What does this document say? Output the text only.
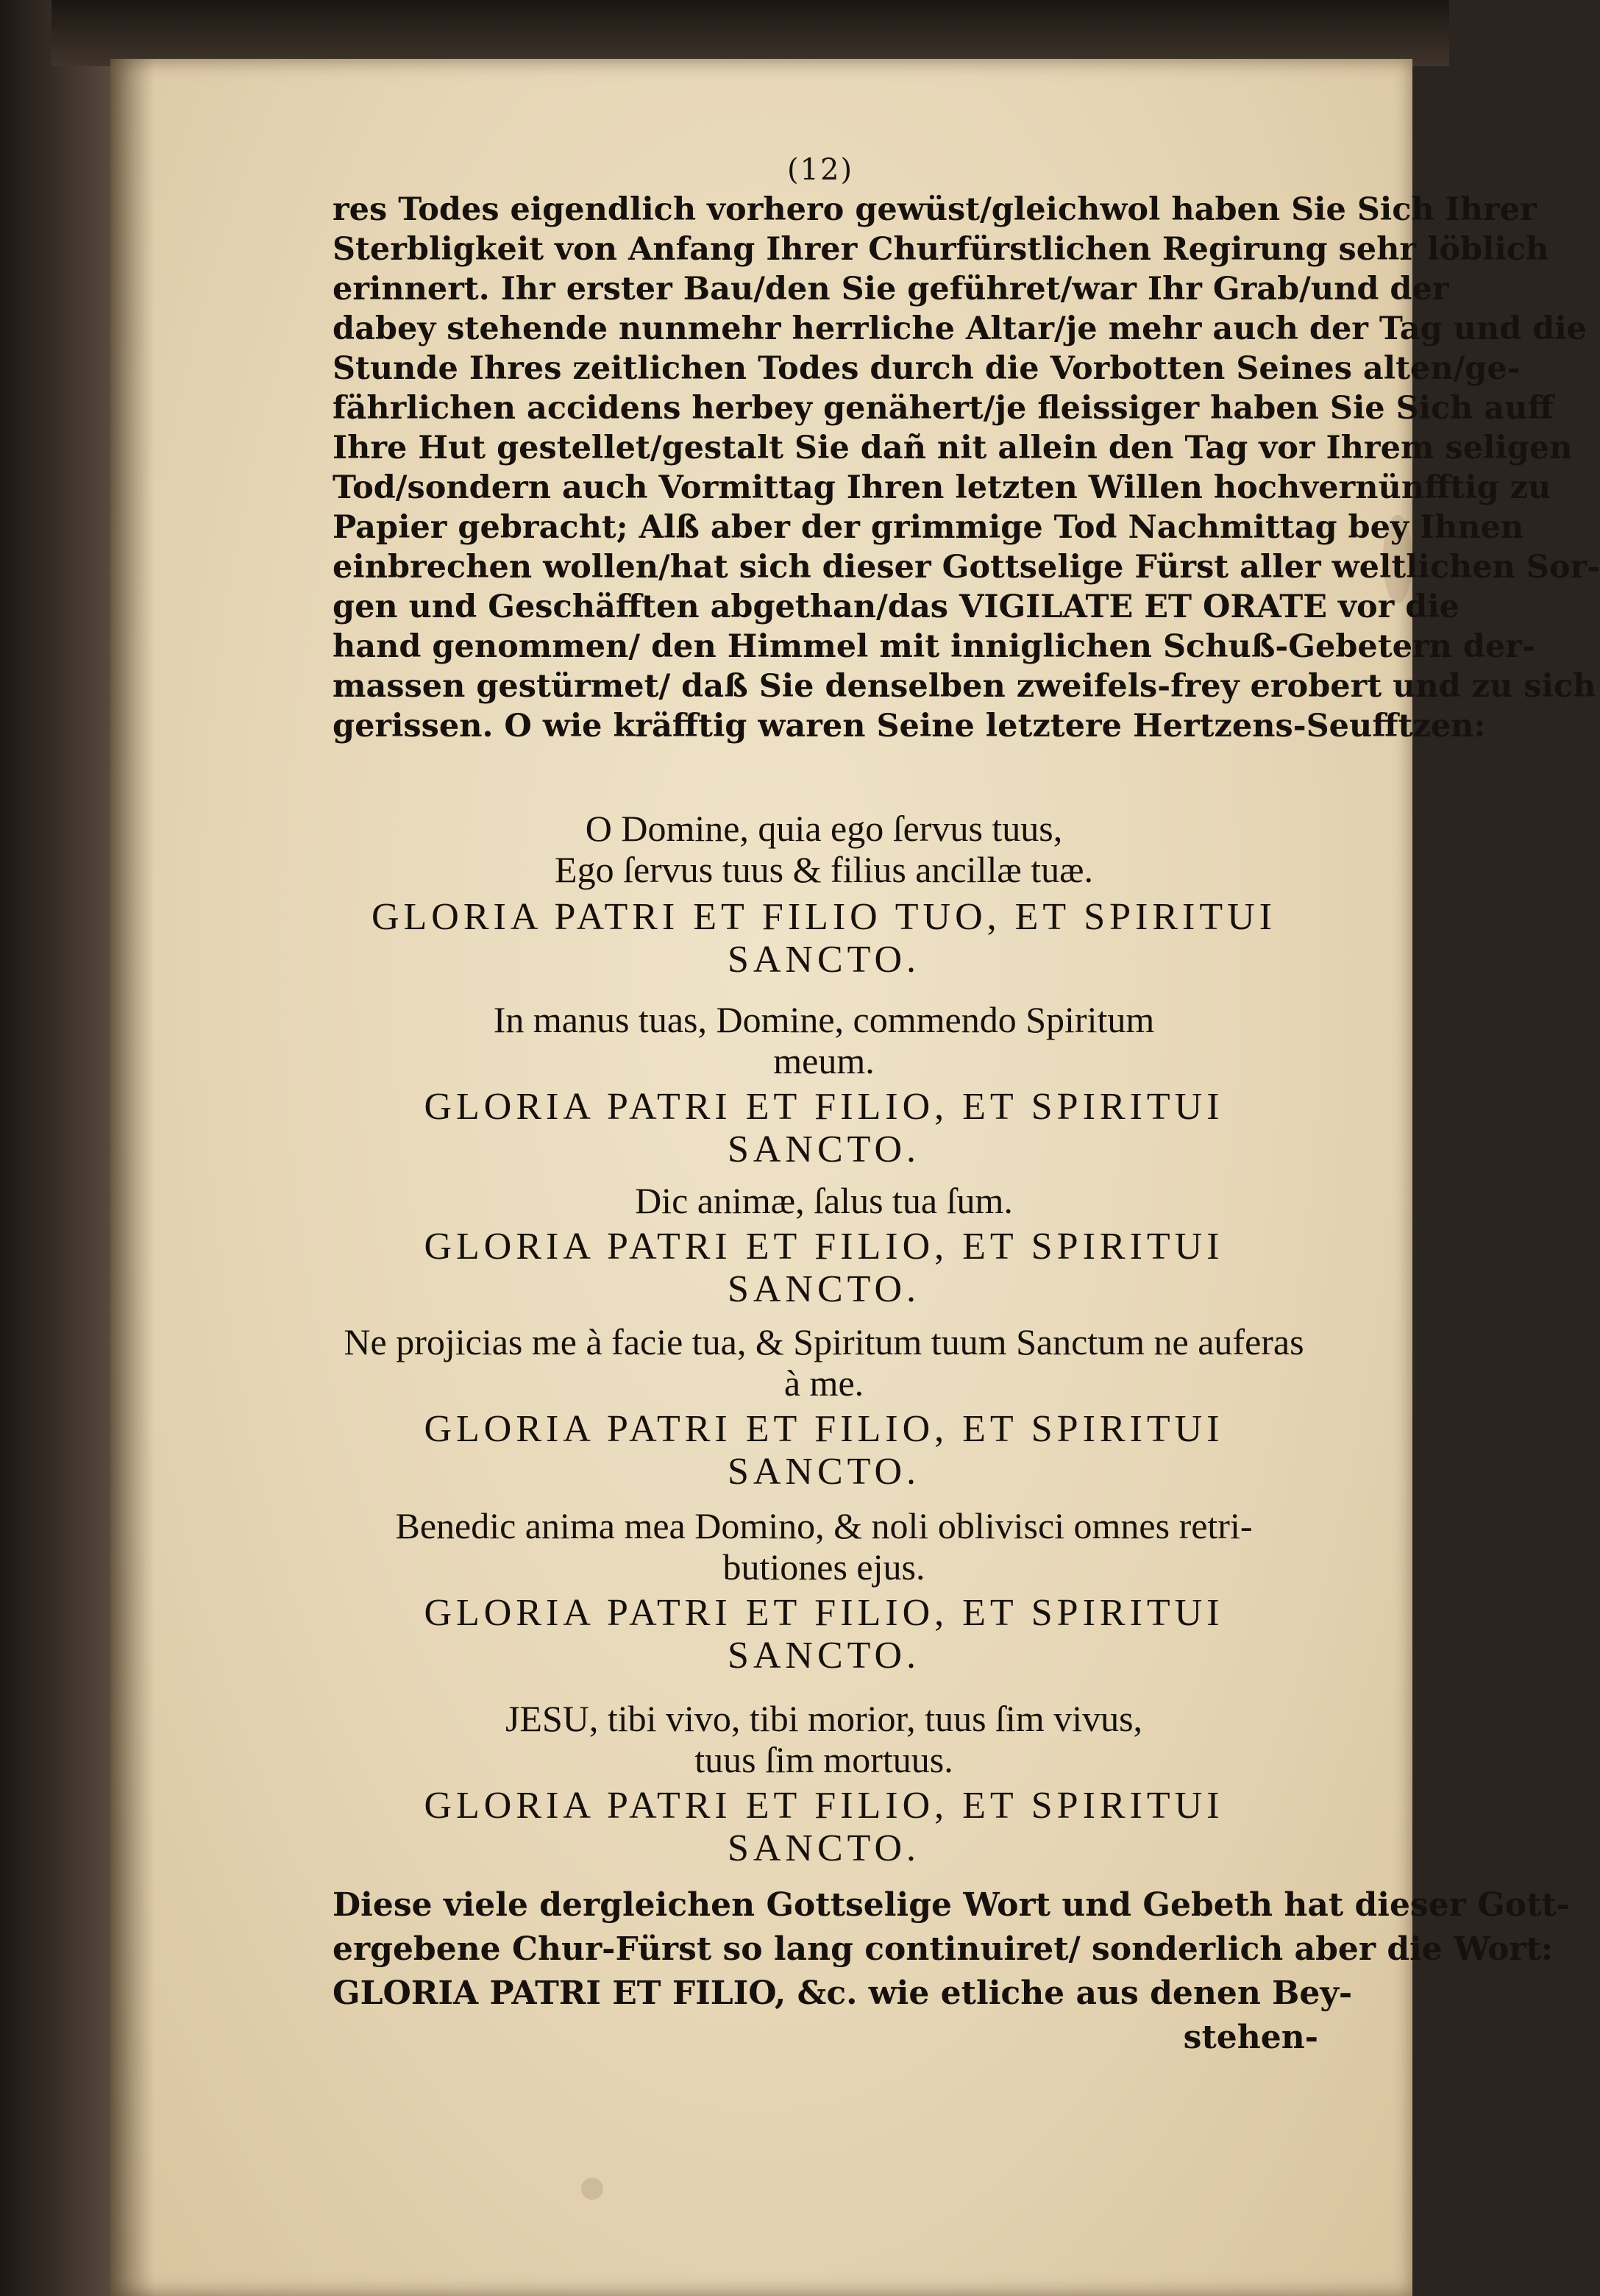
(12)
res Todes eigendlich vorhero gewüst/gleichwol haben Sie Sich Ihrer
Sterbligkeit von Anfang Ihrer Churfürstlichen Regirung sehr löblich
erinnert. Ihr erster Bau/den Sie geführet/war Ihr Grab/und der
dabey stehende nunmehr herrliche Altar/je mehr auch der Tag und die
Stunde Ihres zeitlichen Todes durch die Vorbotten Seines alten/ge-
fährlichen accidens herbey genähert/je fleissiger haben Sie Sich auff
Ihre Hut gestellet/gestalt Sie dañ nit allein den Tag vor Ihrem seligen
Tod/sondern auch Vormittag Ihren letzten Willen hochvernünfftig zu
Papier gebracht; Alß aber der grimmige Tod Nachmittag bey Ihnen
einbrechen wollen/hat sich dieser Gottselige Fürst aller weltlichen Sor-
gen und Geschäfften abgethan/das VIGILATE ET ORATE vor die
hand genommen/ den Himmel mit inniglichen Schuß-Gebetern der-
massen gestürmet/ daß Sie denselben zweifels-frey erobert und zu sich
gerissen. O wie kräfftig waren Seine letztere Hertzens-Seufftzen:
O Domine, quia ego ſervus tuus,
Ego ſervus tuus & filius ancillæ tuæ.
GLORIA PATRI ET FILIO TUO, ET SPIRITUI
SANCTO.
In manus tuas, Domine, commendo Spiritum
meum.
GLORIA PATRI ET FILIO, ET SPIRITUI
SANCTO.
Dic animæ, ſalus tua ſum.
GLORIA PATRI ET FILIO, ET SPIRITUI
SANCTO.
Ne projicias me à facie tua, & Spiritum tuum Sanctum ne auferas
à me.
GLORIA PATRI ET FILIO, ET SPIRITUI
SANCTO.
Benedic anima mea Domino, & noli oblivisci omnes retri-
butiones ejus.
GLORIA PATRI ET FILIO, ET SPIRITUI
SANCTO.
JESU, tibi vivo, tibi morior, tuus ſim vivus,
tuus ſim mortuus.
GLORIA PATRI ET FILIO, ET SPIRITUI
SANCTO.
Diese viele dergleichen Gottselige Wort und Gebeth hat dieser Gott-
ergebene Chur-Fürst so lang continuiret/ sonderlich aber die Wort:
GLORIA PATRI ET FILIO, &c. wie etliche aus denen Bey-
stehen-
